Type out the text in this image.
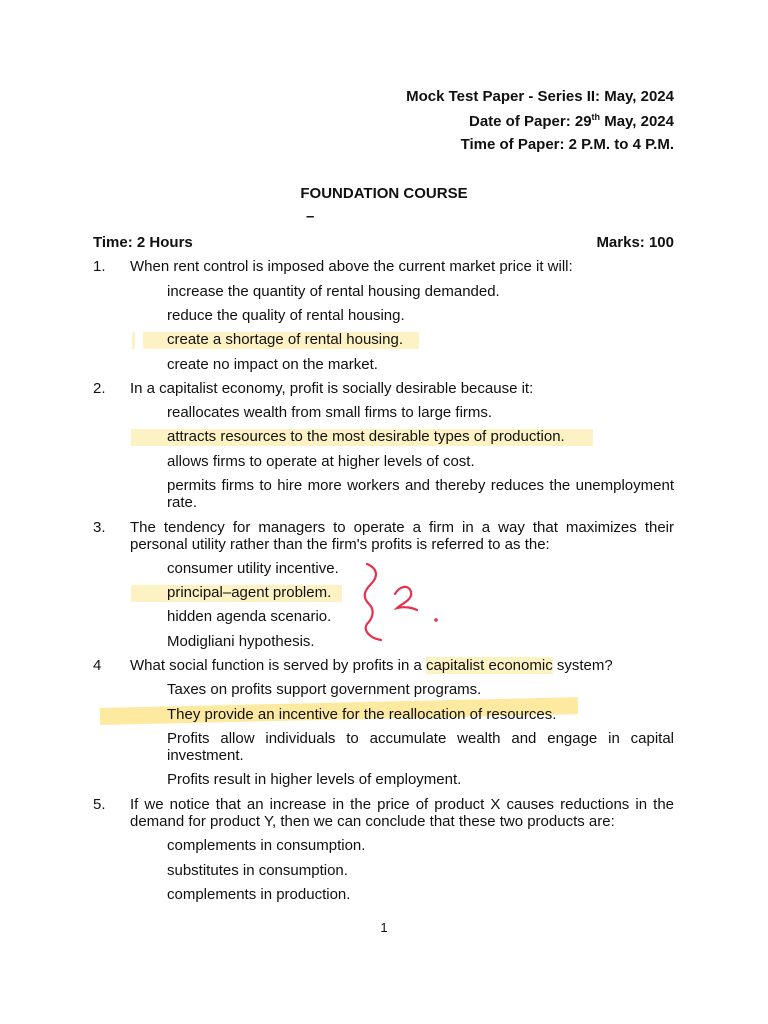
Mock Test Paper - Series II: May, 2024
Date of Paper: 29th May, 2024
Time of Paper: 2 P.M. to 4 P.M.
FOUNDATION COURSE
–
Time: 2 Hours	Marks: 100
1. When rent control is imposed above the current market price it will:
increase the quantity of rental housing demanded.
reduce the quality of rental housing.
create a shortage of rental housing.
create no impact on the market.
2. In a capitalist economy, profit is socially desirable because it:
reallocates wealth from small firms to large firms.
attracts resources to the most desirable types of production.
allows firms to operate at higher levels of cost.
permits firms to hire more workers and thereby reduces the unemployment rate.
3. The tendency for managers to operate a firm in a way that maximizes their personal utility rather than the firm's profits is referred to as the:
consumer utility incentive.
principal–agent problem.
hidden agenda scenario.
Modigliani hypothesis.
4 What social function is served by profits in a capitalist economic system?
Taxes on profits support government programs.
They provide an incentive for the reallocation of resources.
Profits allow individuals to accumulate wealth and engage in capital investment.
Profits result in higher levels of employment.
5. If we notice that an increase in the price of product X causes reductions in the demand for product Y, then we can conclude that these two products are:
complements in consumption.
substitutes in consumption.
complements in production.
1
